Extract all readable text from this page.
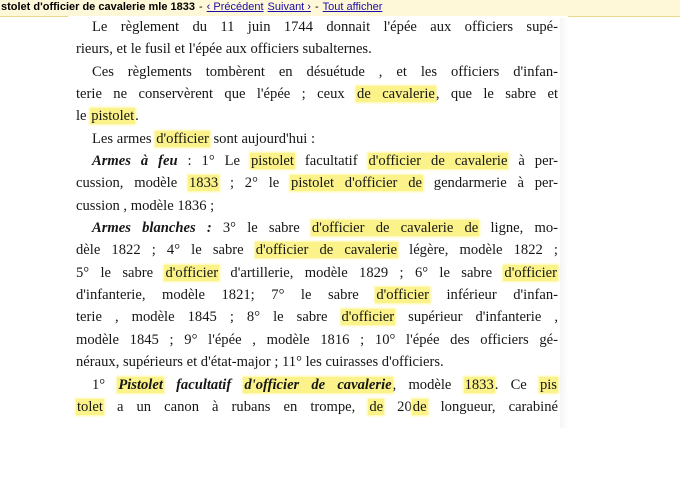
stolet d'officier de cavalerie mle 1833 - ‹ Précédent Suivant › - Tout afficher
Le règlement du 11 juin 1744 donnait l'épée aux officiers supé-
rieurs, et le fusil et l'épée aux officiers subalternes.
Ces règlements tombèrent en désuétude , et les officiers d'infan-
terie ne conservèrent que l'épée ; ceux de cavalerie, que le sabre et
le pistolet.
Les armes d'officier sont aujourd'hui :
Armes à feu : 1° Le pistolet facultatif d'officier de cavalerie à per-
cussion, modèle 1833 ; 2° le pistolet d'officier de gendarmerie à per-
cussion , modèle 1836 ;
Armes blanches : 3° le sabre d'officier de cavalerie de ligne, mo-
dèle 1822 ; 4° le sabre d'officier de cavalerie légère, modèle 1822 ;
5° le sabre d'officier d'artillerie, modèle 1829 ; 6° le sabre d'officier
d'infanterie, modèle 1821; 7° le sabre d'officier inférieur d'infan-
terie , modèle 1845 ; 8° le sabre d'officier supérieur d'infanterie ,
modèle 1845 ; 9° l'épée , modèle 1816 ; 10° l'épée des officiers gé-
néraux, supérieurs et d'état-major ; 11° les cuirasses d'officiers.
1° Pistolet facultatif d'officier de cavalerie, modèle 1833. Ce pis
tolet a un canon à rubans en trompe, de 20de longueur, carabiné
